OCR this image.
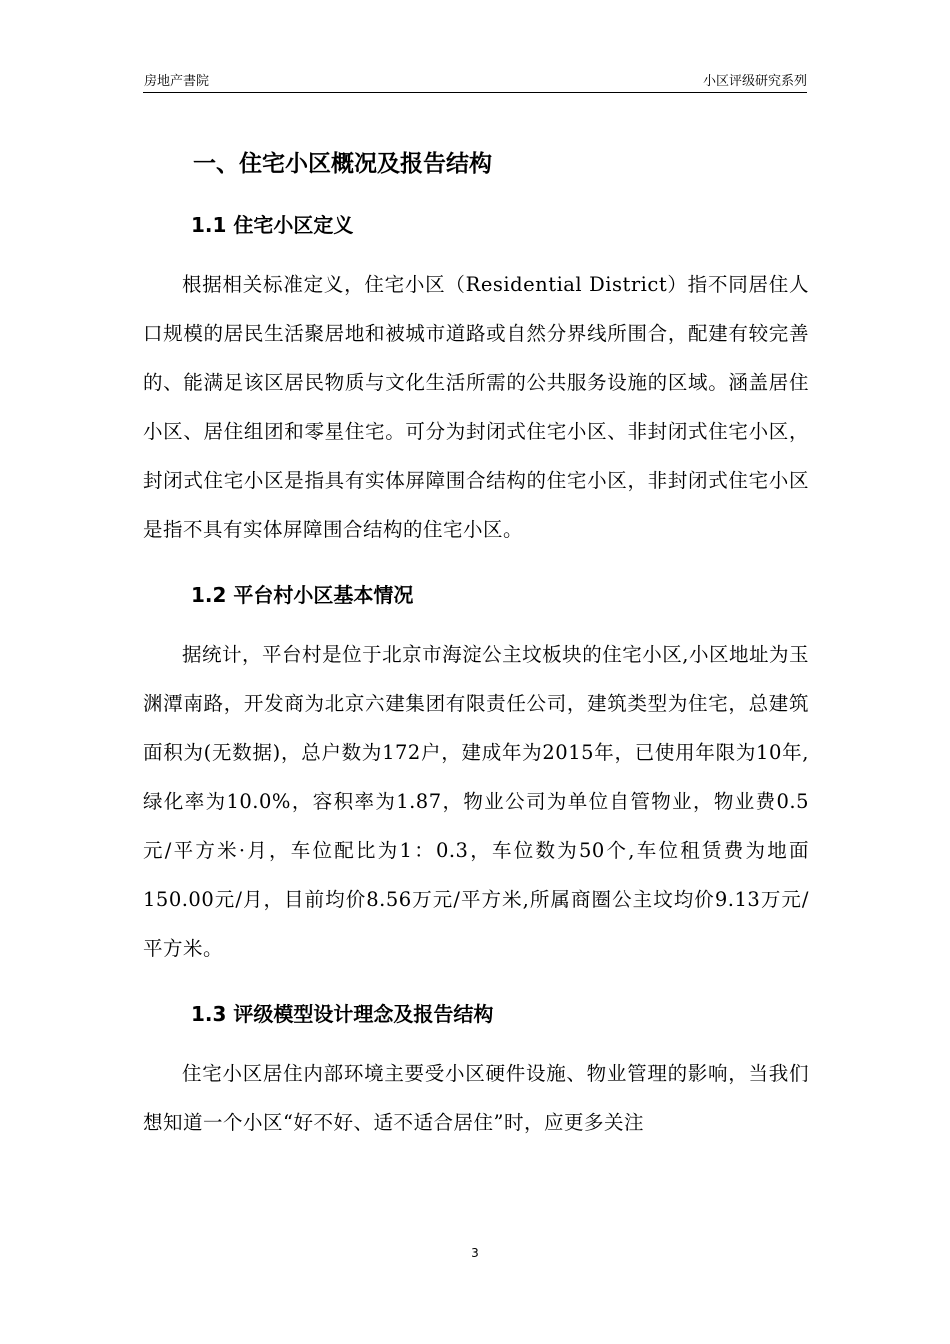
房地产書院	小区评级研究系列
一、住宅小区概况及报告结构
1.1 住宅小区定义

根据相关标准定义，住宅小区（Residential District）指不同居住人口规模的居民生活聚居地和被城市道路或自然分界线所围合，配建有较完善的、能满足该区居民物质与文化生活所需的公共服务设施的区域。涵盖居住小区、居住组团和零星住宅。可分为封闭式住宅小区、非封闭式住宅小区，封闭式住宅小区是指具有实体屏障围合结构的住宅小区，非封闭式住宅小区是指不具有实体屏障围合结构的住宅小区。

1.2 平台村小区基本情况

据统计，平台村是位于北京市海淀公主坟板块的住宅小区,小区地址为玉渊潭南路，开发商为北京六建集团有限责任公司，建筑类型为住宅，总建筑面积为(无数据)，总户数为172户，建成年为2015年，已使用年限为10年,绿化率为10.0%，容积率为1.87，物业公司为单位自管物业，物业费0.5元/平方米·月，车位配比为1：0.3，车位数为50个,车位租赁费为地面150.00元/月，目前均价8.56万元/平方米,所属商圈公主坟均价9.13万元/平方米。

1.3 评级模型设计理念及报告结构

住宅小区居住内部环境主要受小区硬件设施、物业管理的影响，当我们想知道一个小区“好不好、适不适合居住”时，应更多关注

3
